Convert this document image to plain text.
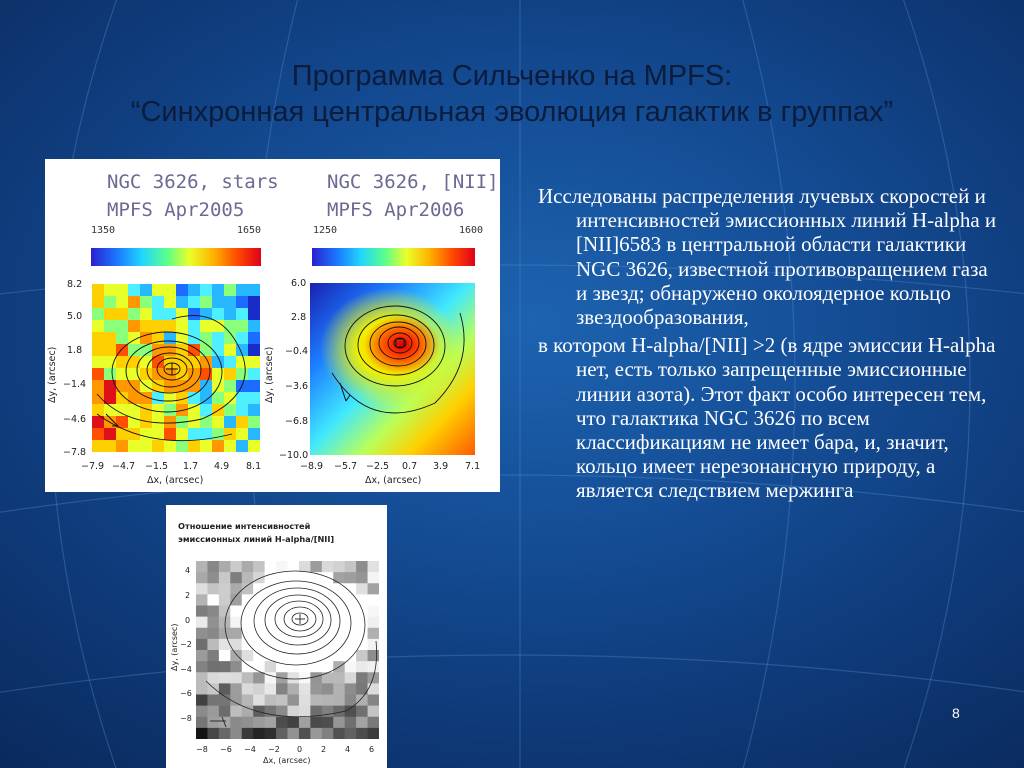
Программа Сильченко на MPFS:
“Синхронная центральная эволюция галактик в группах”
NGC 3626, stars
MPFS Apr2005
1350	1650
8.2
5.0
1.8
−1.4
−4.6
−7.8
−7.9 −4.7 −1.5 1.7 4.9 8.1
Δx, (arcsec)
Δy, (arcsec)
NGC 3626, [NII]
MPFS Apr2006
1250	1600
6.0
2.8
−0.4
−3.6
−6.8
−10.0
−8.9 −5.7 −2.5 0.7 3.9 7.1
Δx, (arcsec)
Δy, (arcsec)
Отношение интенсивностей
эмиссионных линий H-alpha/[NII]
4
2
0
−2
−4
−6
−8
−8 −6 −4 −2 0 2 4 6
Δx, (arcsec)
Δy, (arcsec)
Исследованы распределения лучевых скоростей и интенсивностей эмиссионных линий H-alpha и [NII]6583 в центральной области галактики NGC 3626, известной противовращением газа и звезд; обнаружено околоядерное кольцо звездообразования,
в котором H-alpha/[NII] >2 (в ядре эмиссии H-alpha нет, есть только запрещенные эмиссионные линии азота). Этот факт особо интересен тем, что галактика NGC 3626 по всем классификациям не имеет бара, и, значит, кольцо имеет нерезонансную природу, а является следствием мержинга
8
